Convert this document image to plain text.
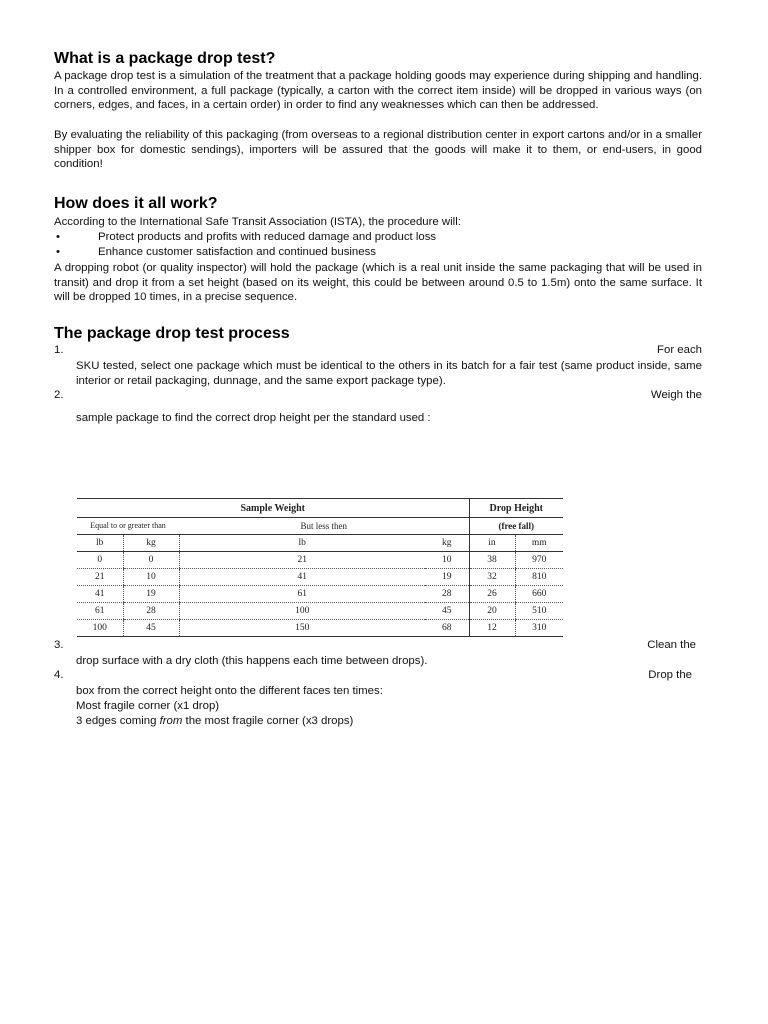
What is a package drop test?

A package drop test is a simulation of the treatment that a package holding goods may experience during shipping and handling. In a controlled environment, a full package (typically, a carton with the correct item inside) will be dropped in various ways (on corners, edges, and faces, in a certain order) in order to find any weaknesses which can then be addressed.

By evaluating the reliability of this packaging (from overseas to a regional distribution center in export cartons and/or in a smaller shipper box for domestic sendings), importers will be assured that the goods will make it to them, or end-users, in good condition!

How does it all work?

According to the International Safe Transit Association (ISTA), the procedure will:

•	Protect products and profits with reduced damage and product loss
•	Enhance customer satisfaction and continued business

A dropping robot (or quality inspector) will hold the package (which is a real unit inside the same packaging that will be used in transit) and drop it from a set height (based on its weight, this could be between around 0.5 to 1.5m) onto the same surface. It will be dropped 10 times, in a precise sequence.

The package drop test process
1.	For each
SKU tested, select one package which must be identical to the others in its batch for a fair test (same product inside, same interior or retail packaging, dunnage, and the same export package type).
2.	Weigh the
sample package to find the correct drop height per the standard used :
3.	Clean the
drop surface with a dry cloth (this happens each time between drops).
4.	Drop the
box from the correct height onto the different faces ten times:
Most fragile corner (x1 drop)
3 edges coming from the most fragile corner (x3 drops)
Sample Weight				Drop Height	
Equal to or greater than		But less then		(free fall)	
lb	kg	lb	kg	in	mm
0	0	21	10	38	970
21	10	41	19	32	810
41	19	61	28	26	660
61	28	100	45	20	510
100	45	150	68	12	310
